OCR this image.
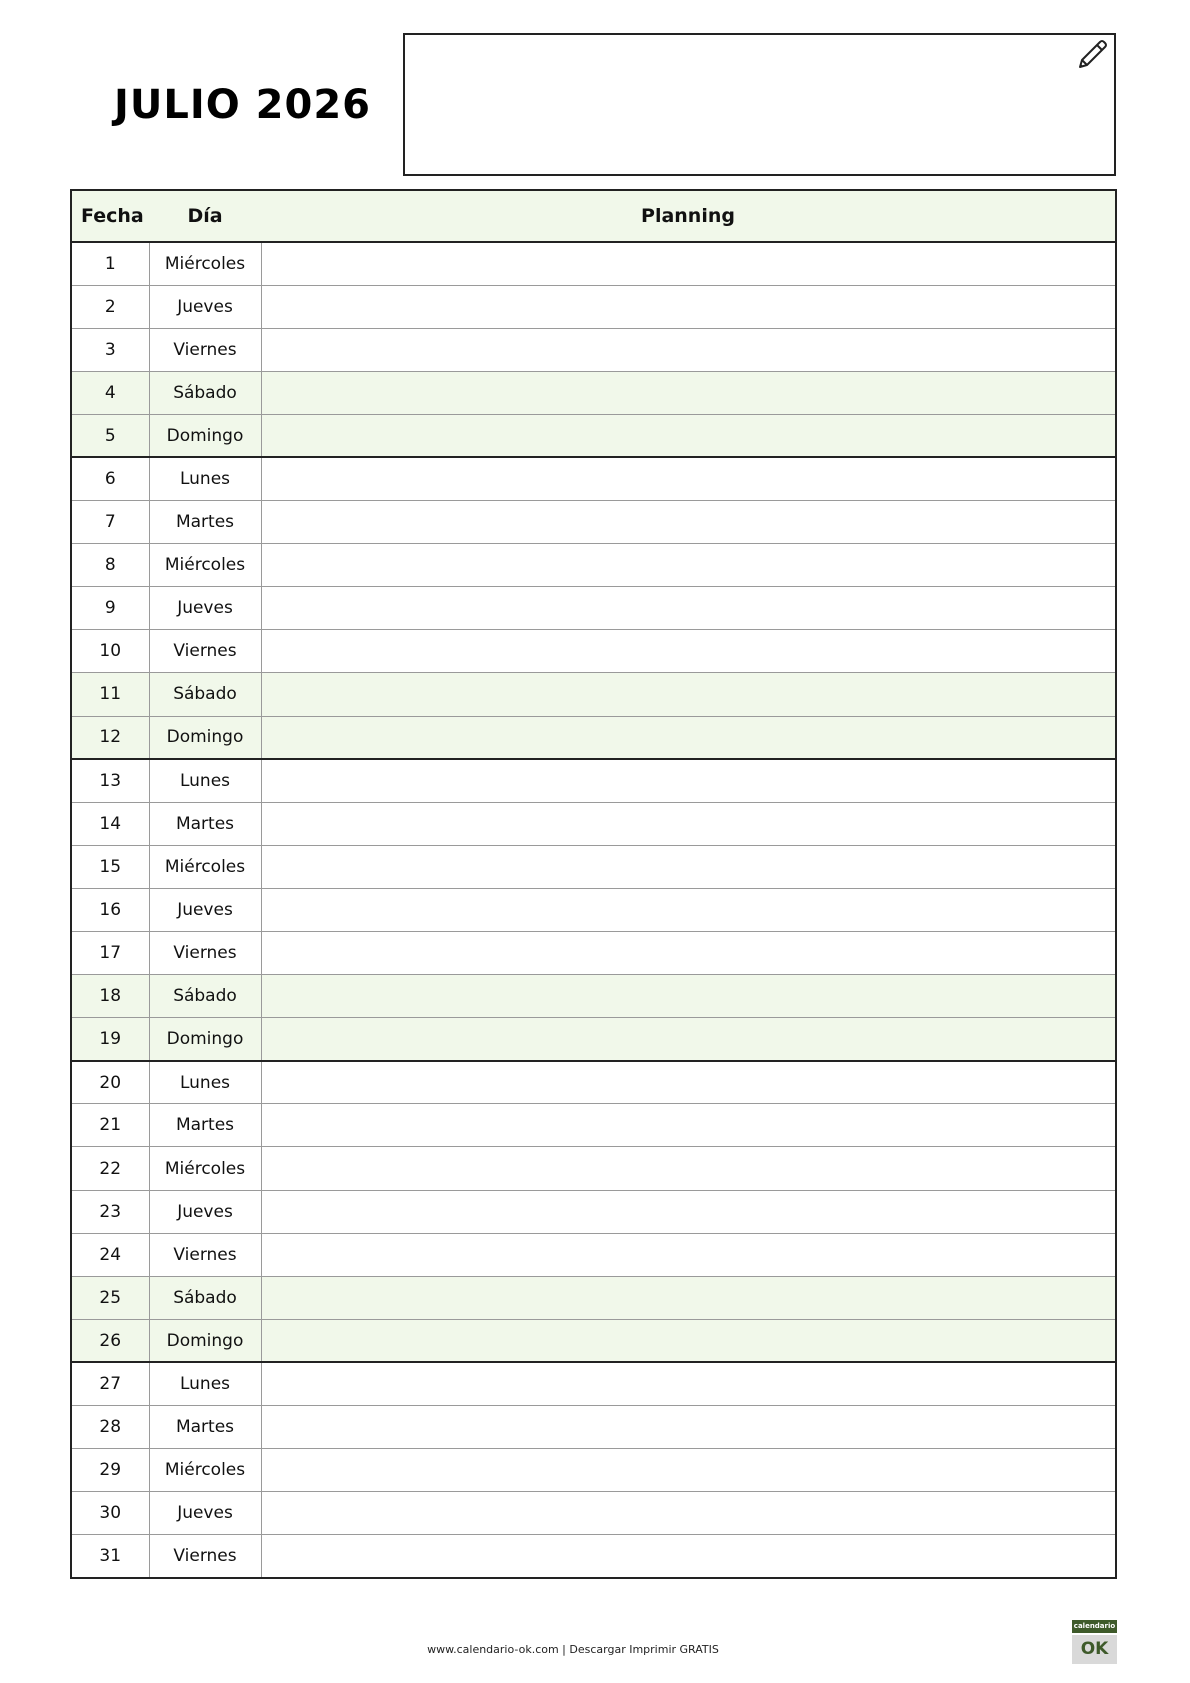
JULIO 2026
Fecha	Día	Planning
1	Miércoles	
2	Jueves	
3	Viernes	
4	Sábado	
5	Domingo	
6	Lunes	
7	Martes	
8	Miércoles	
9	Jueves	
10	Viernes	
11	Sábado	
12	Domingo	
13	Lunes	
14	Martes	
15	Miércoles	
16	Jueves	
17	Viernes	
18	Sábado	
19	Domingo	
20	Lunes	
21	Martes	
22	Miércoles	
23	Jueves	
24	Viernes	
25	Sábado	
26	Domingo	
27	Lunes	
28	Martes	
29	Miércoles	
30	Jueves	
31	Viernes	
www.calendario-ok.com | Descargar Imprimir GRATIS
calendario
OK
